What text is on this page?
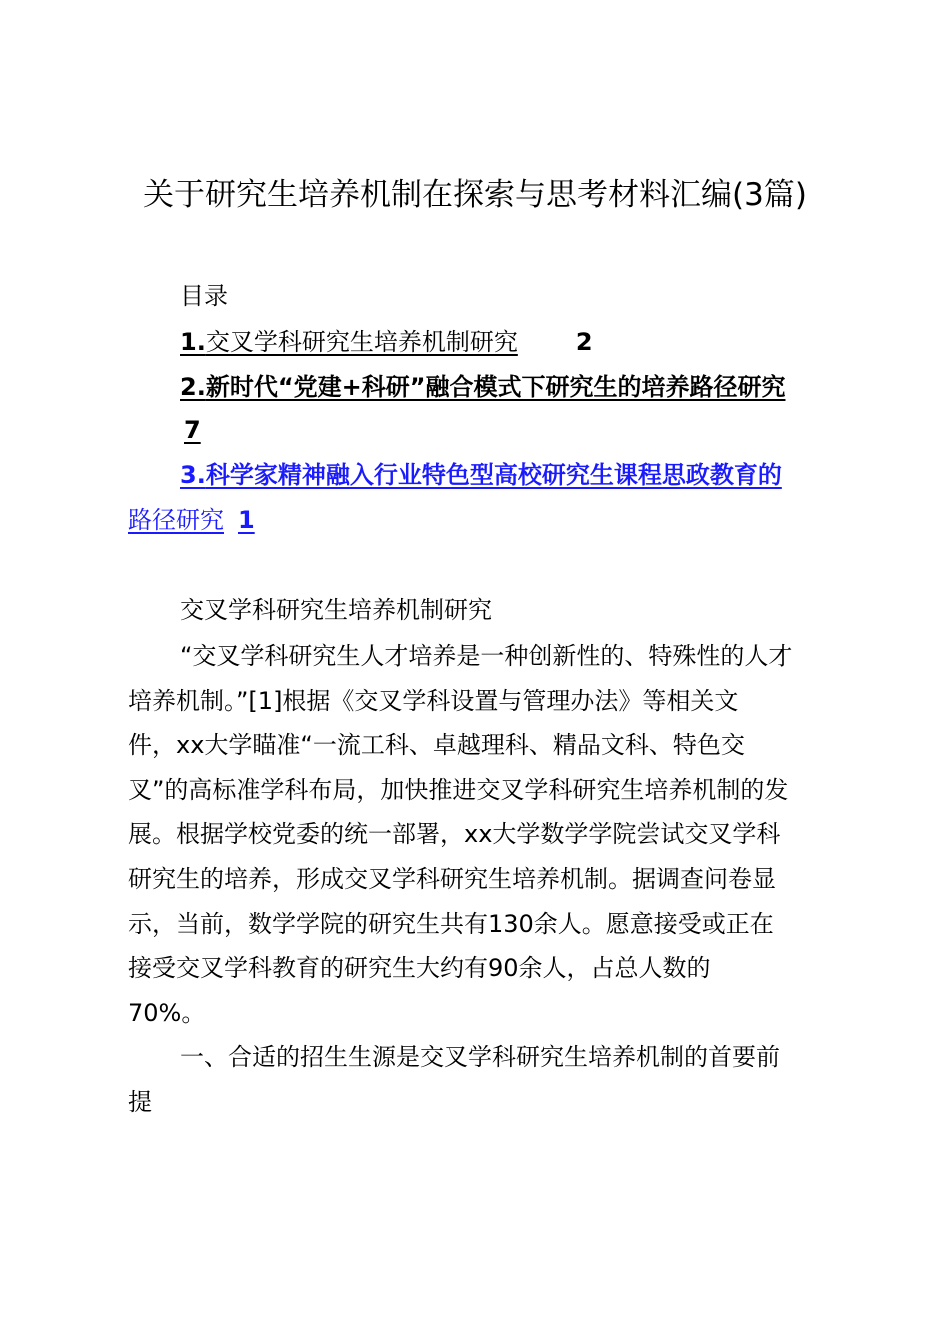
关于研究生培养机制在探索与思考材料汇编(3篇)

目录

1.交叉学科研究生培养机制研究 2

2.新时代“党建+科研”融合模式下研究生的培养路径研究

7

3.科学家精神融入行业特色型高校研究生课程思政教育的

路径研究 1

交叉学科研究生培养机制研究

“交叉学科研究生人才培养是一种创新性的、特殊性的人才
培养机制。”[1]根据《交叉学科设置与管理办法》等相关文
件，xx大学瞄准“一流工科、卓越理科、精品文科、特色交
叉”的高标准学科布局，加快推进交叉学科研究生培养机制的发
展。根据学校党委的统一部署，xx大学数学学院尝试交叉学科
研究生的培养，形成交叉学科研究生培养机制。据调查问卷显
示，当前，数学学院的研究生共有130余人。愿意接受或正在
接受交叉学科教育的研究生大约有90余人，占总人数的
70%。

一、合适的招生生源是交叉学科研究生培养机制的首要前
提
